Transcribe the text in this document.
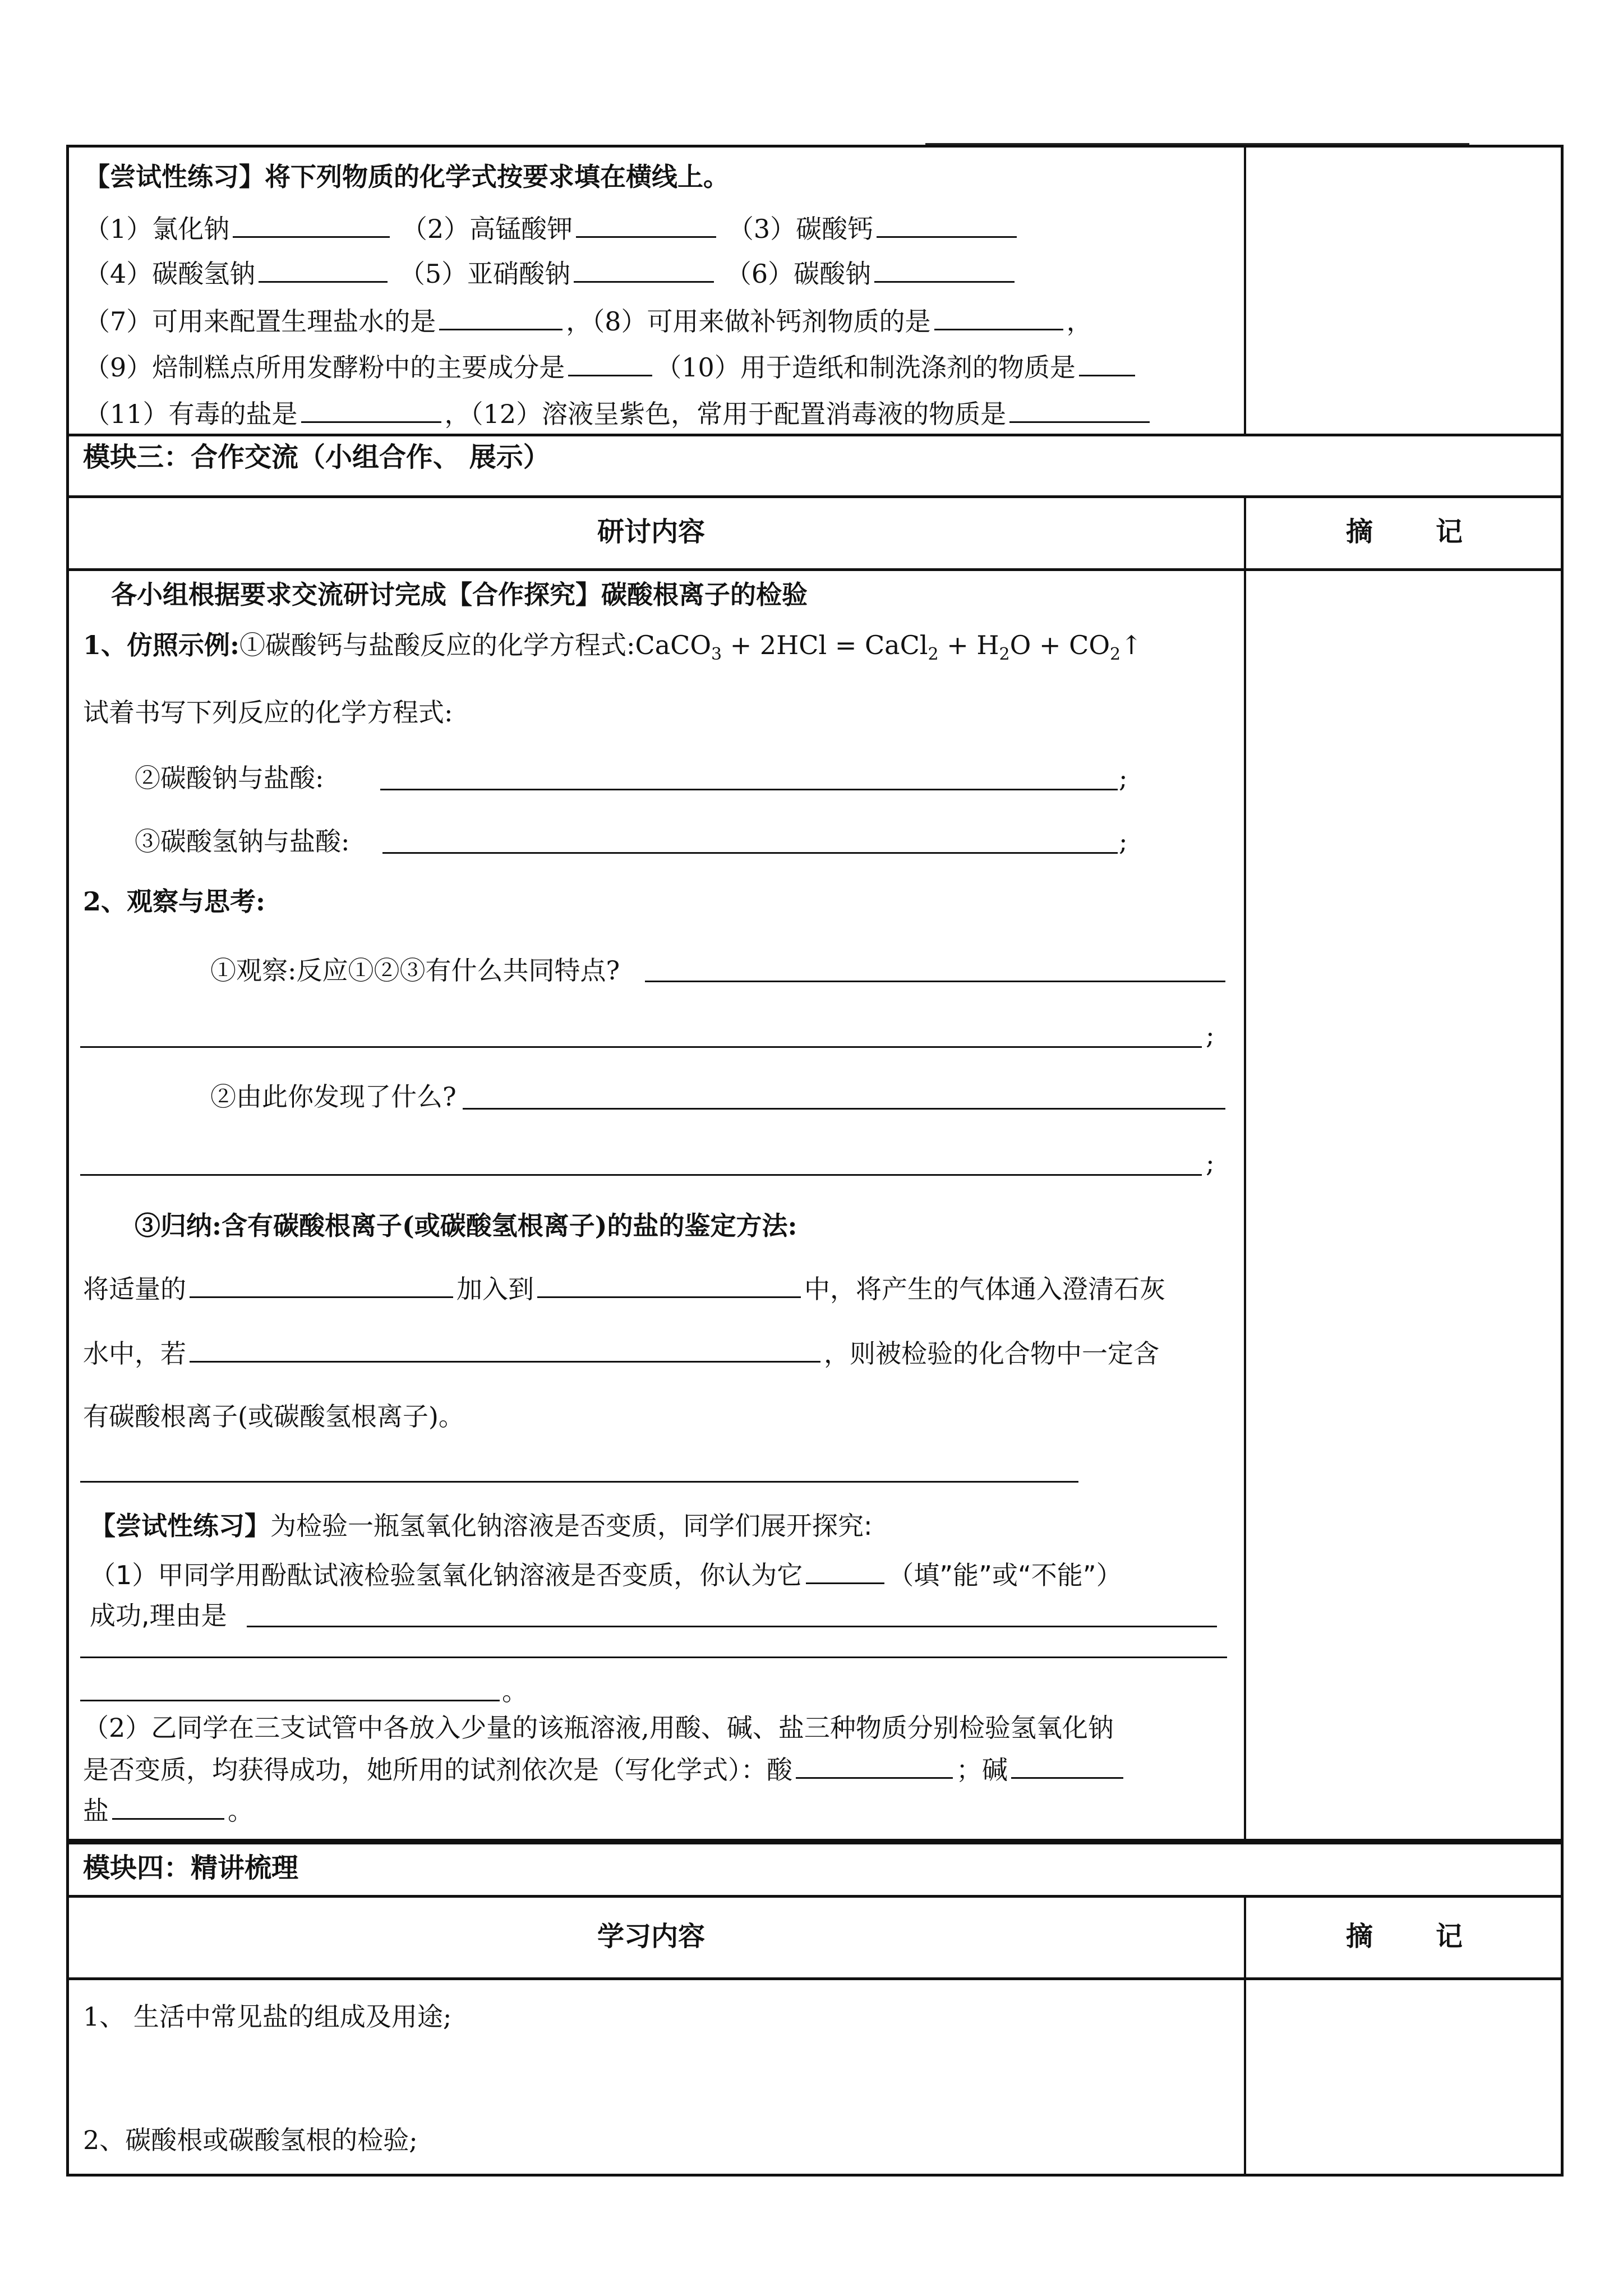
【尝试性练习】将下列物质的化学式按要求填在横线上。
（1）氯化钠	（2）高锰酸钾	（3）碳酸钙
（4）碳酸氢钠	（5）亚硝酸钠	（6）碳酸钠
（7）可用来配置生理盐水的是	，（8）可用来做补钙剂物质的是	，
（9）焙制糕点所用发酵粉中的主要成分是	（10）用于造纸和制洗涤剂的物质是
（11）有毒的盐是	，（12）溶液呈紫色，常用于配置消毒液的物质是
模块三：合作交流（小组合作、 展示）
研讨内容	摘 记
各小组根据要求交流研讨完成【合作探究】碳酸根离子的检验
1、仿照示例:①碳酸钙与盐酸反应的化学方程式:CaCO$_3$ + 2HCl = CaCl$_2$ + $H_2O$ + $CO_2↑$
试着书写下列反应的化学方程式:
②碳酸钠与盐酸:	;
③碳酸氢钠与盐酸:	;
2、观察与思考:
①观察:反应①②③有什么共同特点?
;
②由此你发现了什么?
;
③归纳:含有碳酸根离子(或碳酸氢根离子)的盐的鉴定方法:
将适量的	加入到	中，将产生的气体通入澄清石灰
水中，若	，则被检验的化合物中一定含
有碳酸根离子(或碳酸氢根离子)。
【尝试性练习】为检验一瓶氢氧化钠溶液是否变质，同学们展开探究:
（1）甲同学用酚酞试液检验氢氧化钠溶液是否变质，你认为它	（填”能”或“不能”）
成功,理由是
。
（2）乙同学在三支试管中各放入少量的该瓶溶液,用酸、碱、盐三种物质分别检验氢氧化钠
是否变质，均获得成功，她所用的试剂依次是（写化学式）：酸	；碱
盐	。
模块四：精讲梳理
学习内容	摘 记
1、 生活中常见盐的组成及用途;
2、碳酸根或碳酸氢根的检验;
